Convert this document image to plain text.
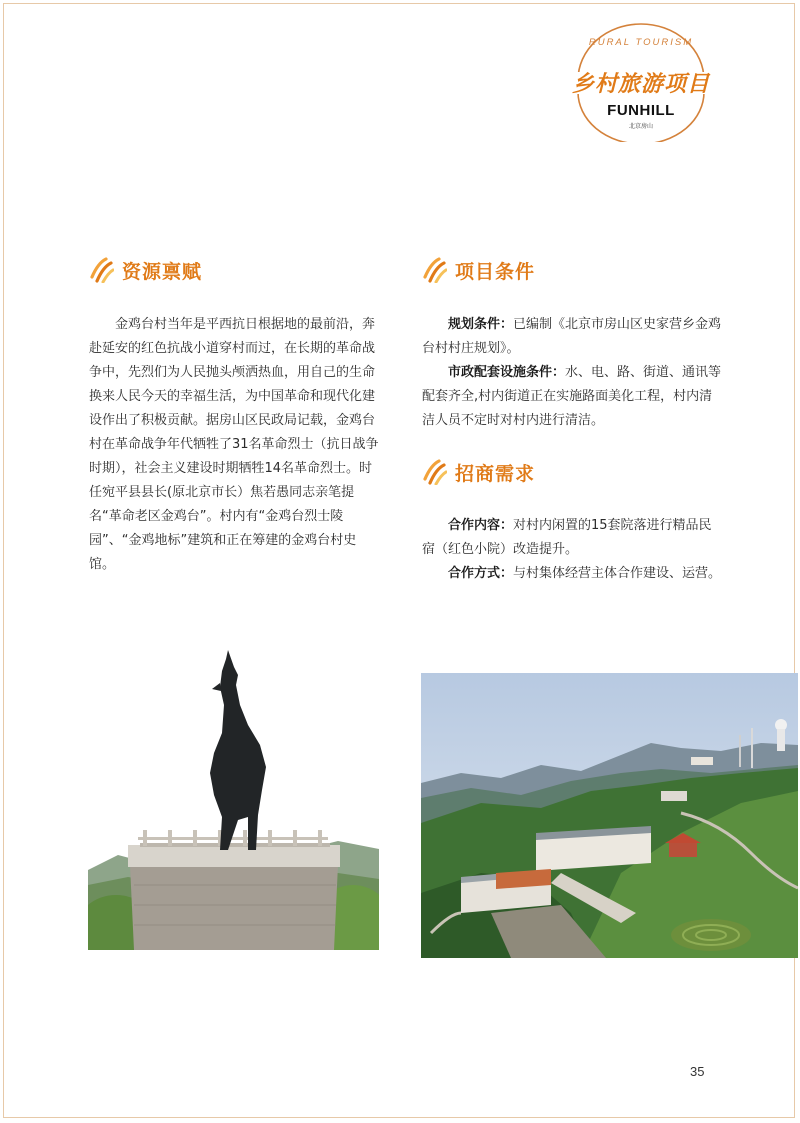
RURAL TOURISM
乡村旅游项目
FUNHILL
北京房山
资源禀赋

金鸡台村当年是平西抗日根据地的最前沿，奔赴延安的红色抗战小道穿村而过，在长期的革命战争中，先烈们为人民抛头颅洒热血，用自己的生命换来人民今天的幸福生活，为中国革命和现代化建设作出了积极贡献。据房山区民政局记载，金鸡台村在革命战争年代牺牲了31名革命烈士（抗日战争时期），社会主义建设时期牺牲14名革命烈士。时任宛平县县长(原北京市长）焦若愚同志亲笔提名“革命老区金鸡台”。村内有“金鸡台烈士陵园”、“金鸡地标”建筑和正在筹建的金鸡台村史馆。

项目条件

规划条件：已编制《北京市房山区史家营乡金鸡台村村庄规划》。

市政配套设施条件：水、电、路、街道、通讯等配套齐全,村内街道正在实施路面美化工程，村内清洁人员不定时对村内进行清洁。

招商需求

合作内容：对村内闲置的15套院落进行精品民宿（红色小院）改造提升。

合作方式：与村集体经营主体合作建设、运营。

35
